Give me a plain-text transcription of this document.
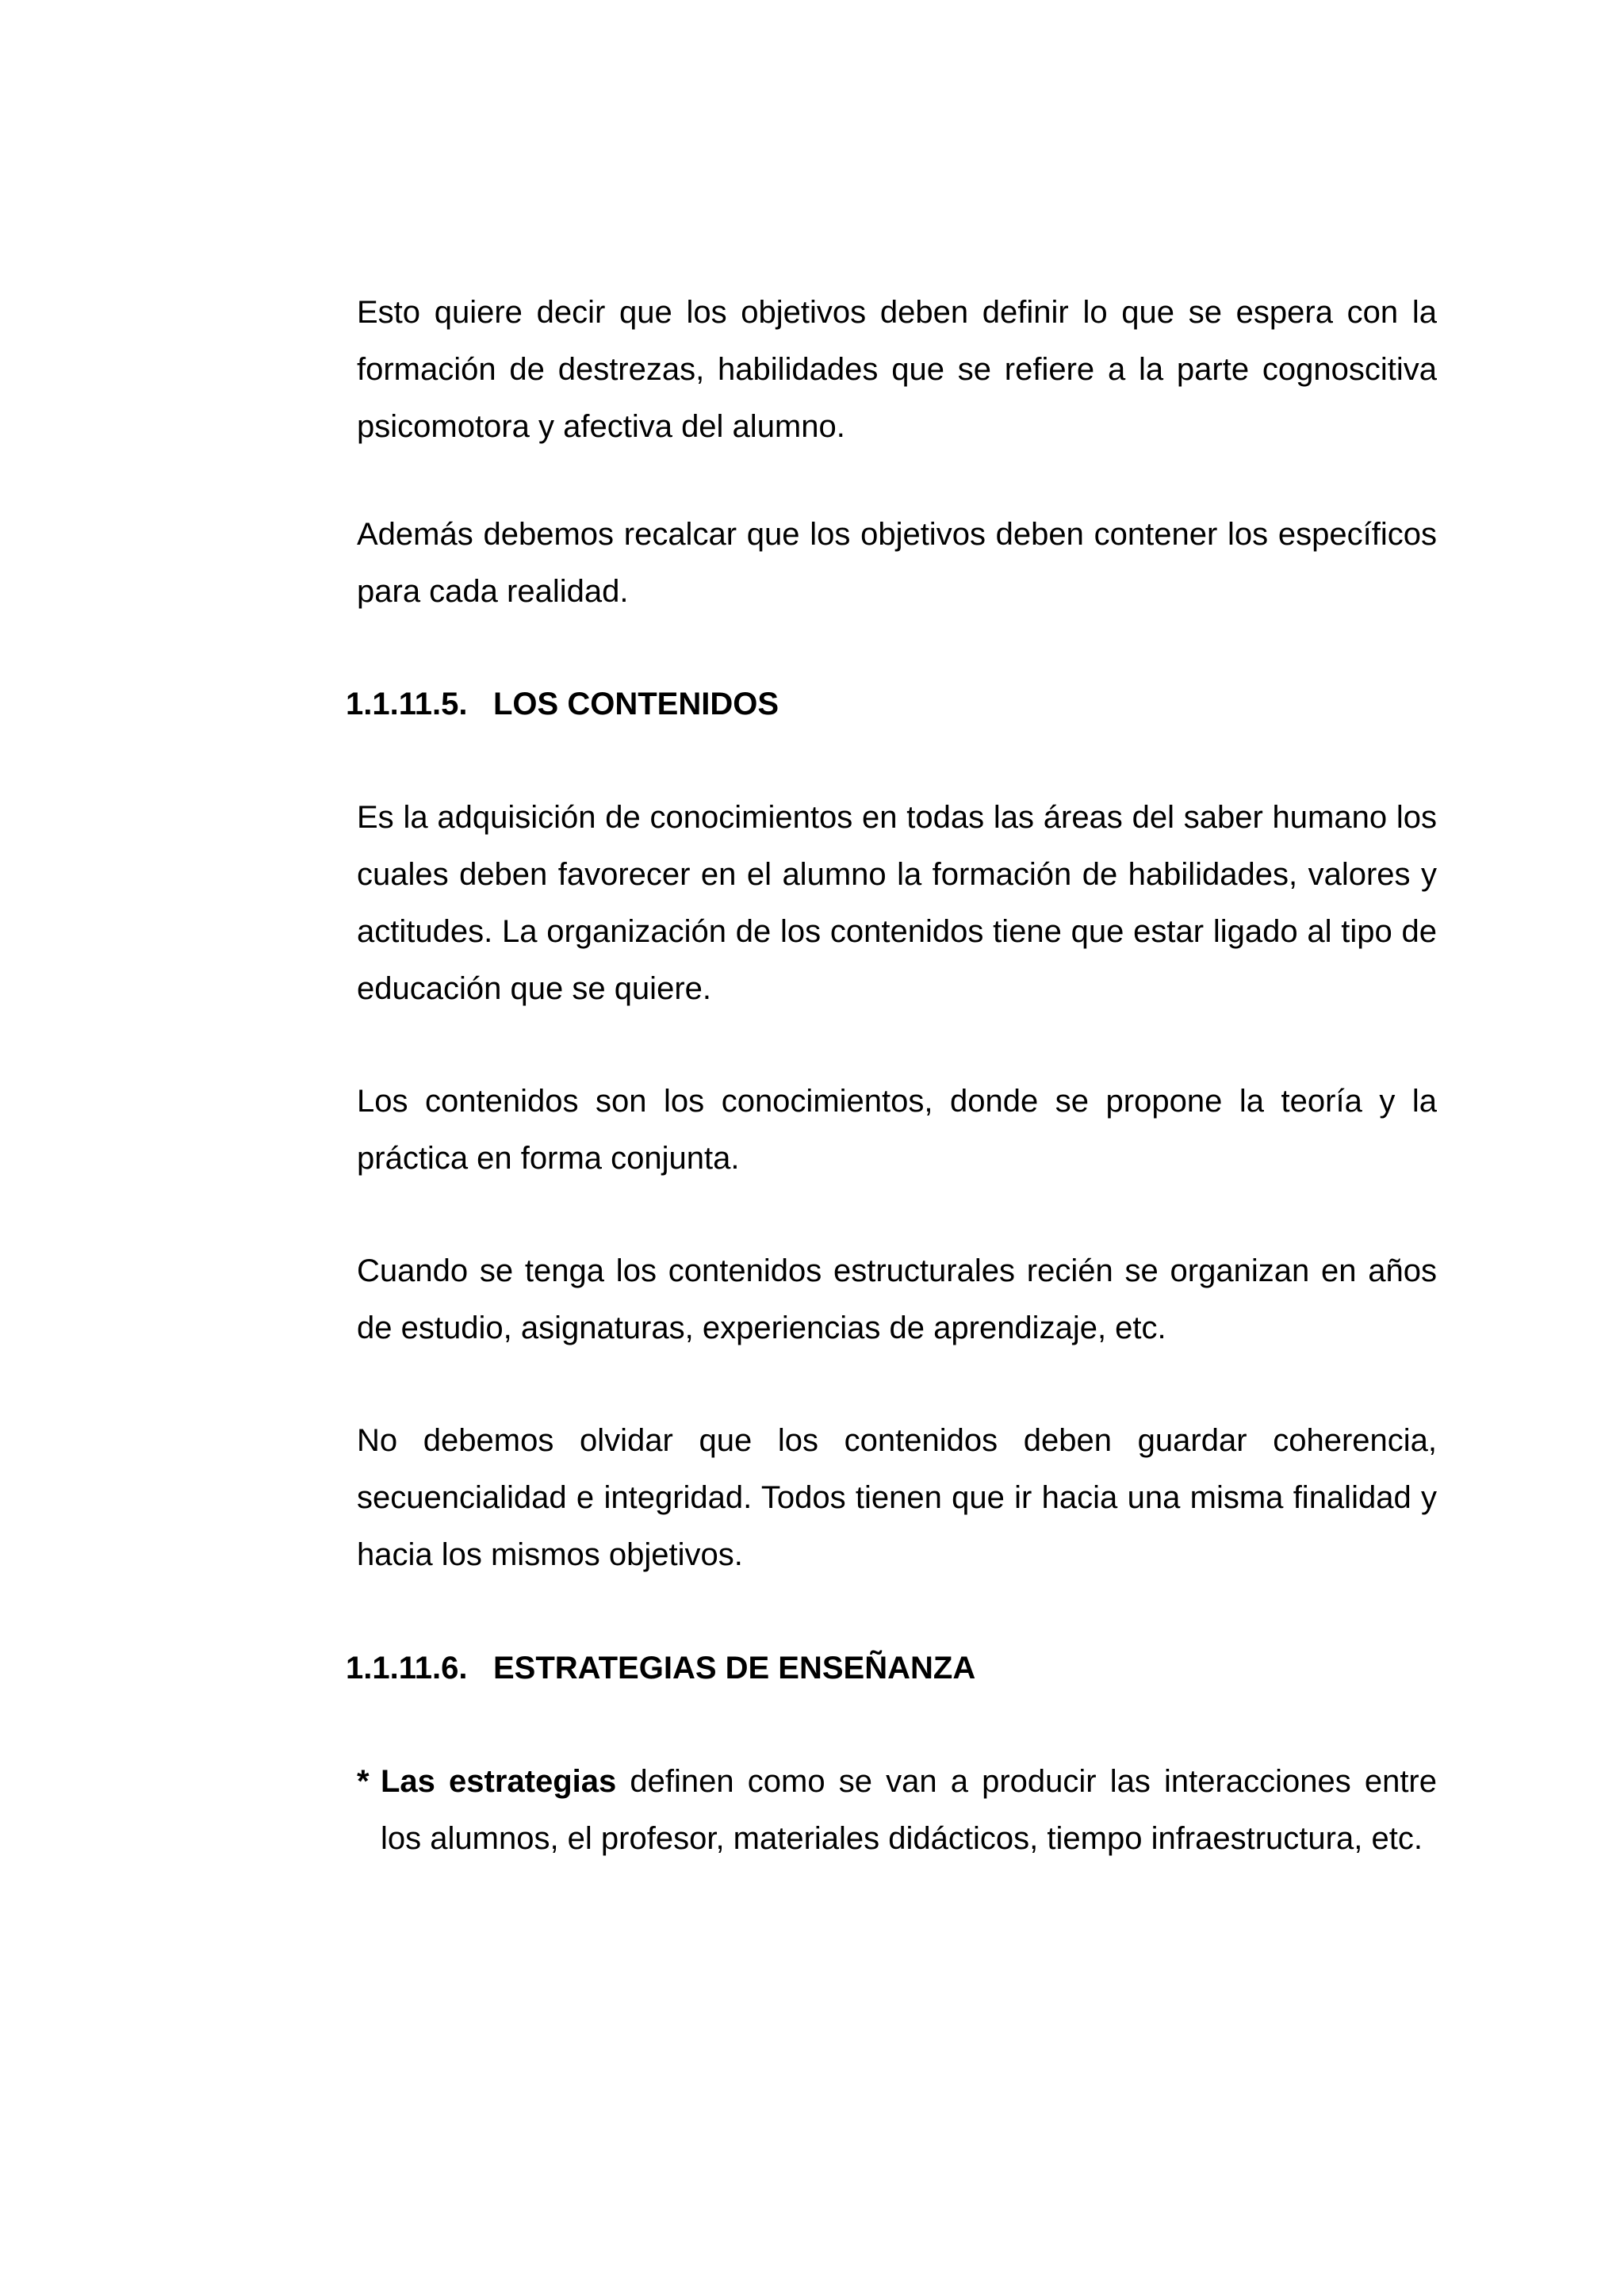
Esto quiere decir que los objetivos deben definir lo que se espera con la formación de destrezas, habilidades que se refiere a la parte cognoscitiva psicomotora y afectiva del alumno.

Además debemos recalcar que los objetivos deben contener los específicos para cada realidad.

1.1.11.5. LOS CONTENIDOS

Es la adquisición de conocimientos en todas las áreas del saber humano los cuales deben favorecer en el alumno la formación de habilidades, valores y actitudes. La organización de los contenidos tiene que estar ligado al tipo de educación que se quiere.

Los contenidos son los conocimientos, donde se propone la teoría y la práctica en forma conjunta.

Cuando se tenga los contenidos estructurales recién se organizan en años de estudio, asignaturas, experiencias de aprendizaje, etc.

No debemos olvidar que los contenidos deben guardar coherencia, secuencialidad e integridad. Todos tienen que ir hacia una misma finalidad y hacia los mismos objetivos.

1.1.11.6. ESTRATEGIAS DE ENSEÑANZA
* Las estrategias definen como se van a producir las interacciones entre los alumnos, el profesor, materiales didácticos, tiempo infraestructura, etc.
